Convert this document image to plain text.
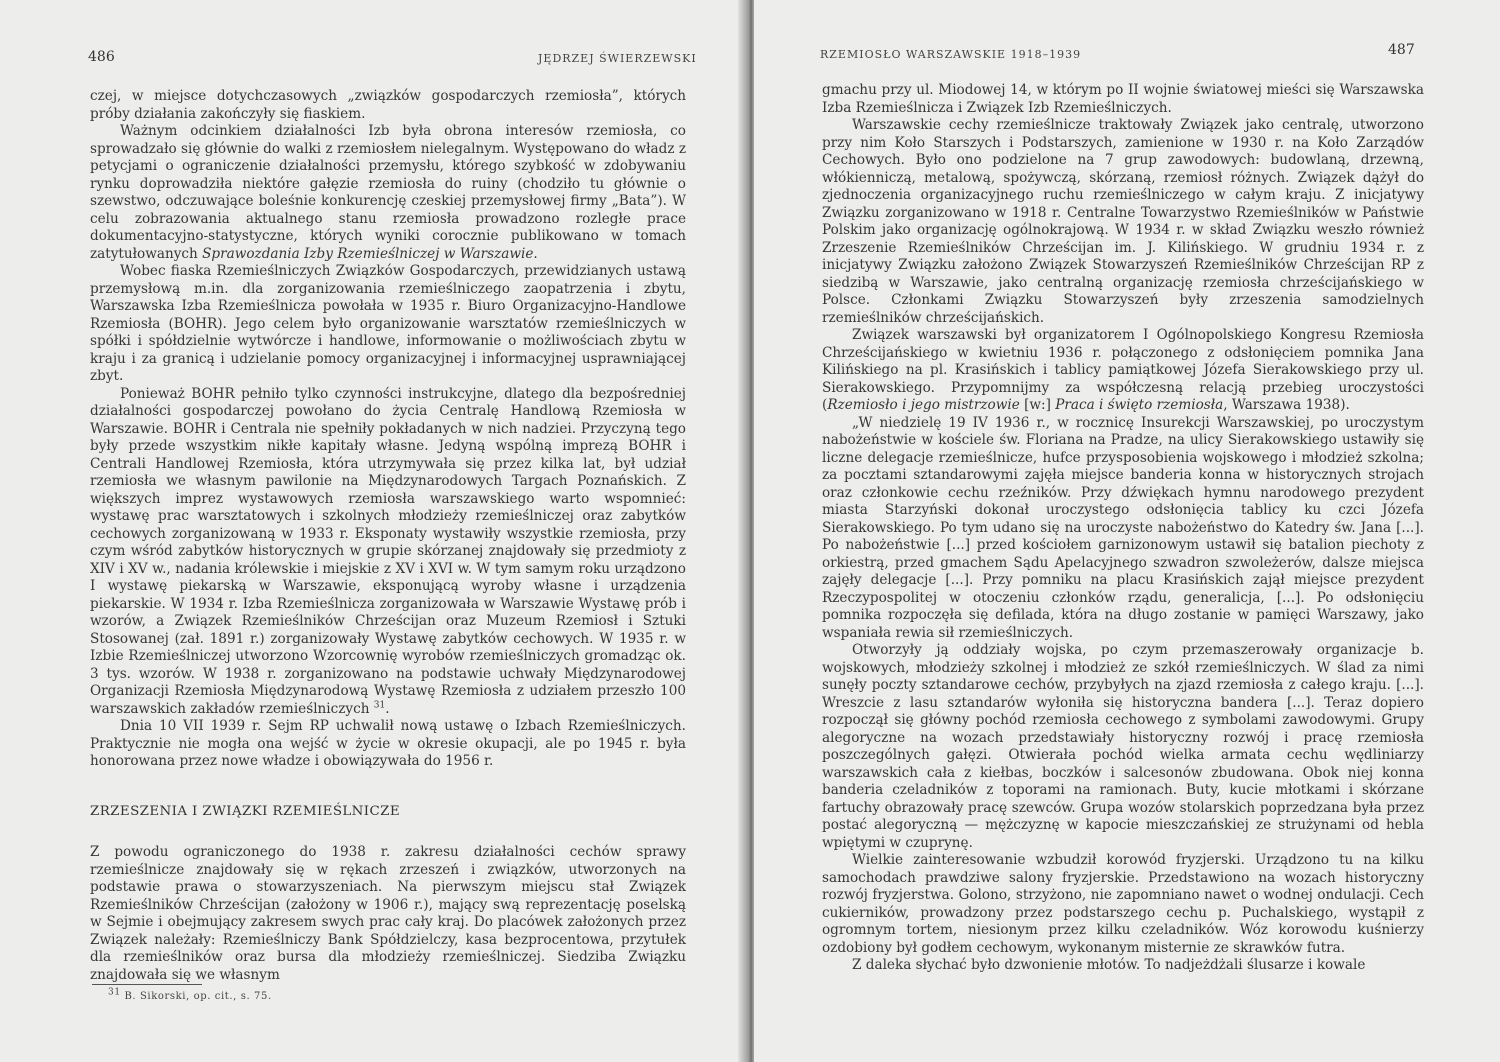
486	JĘDRZEJ ŚWIERZEWSKI

czej, w miejsce dotychczasowych „związków gospodarczych rzemiosła”, których próby działania zakończyły się fiaskiem.

Ważnym odcinkiem działalności Izb była obrona interesów rzemiosła, co sprowadzało się głównie do walki z rzemiosłem nielegalnym. Występowano do władz z petycjami o ograniczenie działalności przemysłu, którego szybkość w zdobywaniu rynku doprowadziła niektóre gałęzie rzemiosła do ruiny (chodziło tu głównie o szewstwo, odczuwające boleśnie konkurencję czeskiej przemysłowej firmy „Bata”). W celu zobrazowania aktualnego stanu rzemiosła prowadzono rozległe prace dokumentacyjno-statystyczne, których wyniki corocznie publikowano w tomach zatytułowanych Sprawozdania Izby Rzemieślniczej w Warszawie.

Wobec fiaska Rzemieślniczych Związków Gospodarczych, przewidzianych ustawą przemysłową m.in. dla zorganizowania rzemieślniczego zaopatrzenia i zbytu, Warszawska Izba Rzemieślnicza powołała w 1935 r. Biuro Organizacyjno-Handlowe Rzemiosła (BOHR). Jego celem było organizowanie warsztatów rzemieślniczych w spółki i spółdzielnie wytwórcze i handlowe, informowanie o możliwościach zbytu w kraju i za granicą i udzielanie pomocy organizacyjnej i informacyjnej usprawniającej zbyt.

Ponieważ BOHR pełniło tylko czynności instrukcyjne, dlatego dla bezpośredniej działalności gospodarczej powołano do życia Centralę Handlową Rzemiosła w Warszawie. BOHR i Centrala nie spełniły pokładanych w nich nadziei. Przyczyną tego były przede wszystkim nikłe kapitały własne. Jedyną wspólną imprezą BOHR i Centrali Handlowej Rzemiosła, która utrzymywała się przez kilka lat, był udział rzemiosła we własnym pawilonie na Międzynarodowych Targach Poznańskich. Z większych imprez wystawowych rzemiosła warszawskiego warto wspomnieć: wystawę prac warsztatowych i szkolnych młodzieży rzemieślniczej oraz zabytków cechowych zorganizowaną w 1933 r. Eksponaty wystawiły wszystkie rzemiosła, przy czym wśród zabytków historycznych w grupie skórzanej znajdowały się przedmioty z XIV i XV w., nadania królewskie i miejskie z XV i XVI w. W tym samym roku urządzono I wystawę piekarską w Warszawie, eksponującą wyroby własne i urządzenia piekarskie. W 1934 r. Izba Rzemieślnicza zorganizowała w Warszawie Wystawę prób i wzorów, a Związek Rzemieślników Chrześcijan oraz Muzeum Rzemiosł i Sztuki Stosowanej (zał. 1891 r.) zorganizowały Wystawę zabytków cechowych. W 1935 r. w Izbie Rzemieślniczej utworzono Wzorcownię wyrobów rzemieślniczych gromadząc ok. 3 tys. wzorów. W 1938 r. zorganizowano na podstawie uchwały Międzynarodowej Organizacji Rzemiosła Międzynarodową Wystawę Rzemiosła z udziałem przeszło 100 warszawskich zakładów rzemieślniczych $^{31}$.

Dnia 10 VII 1939 r. Sejm RP uchwalił nową ustawę o Izbach Rzemieślniczych. Praktycznie nie mogła ona wejść w życie w okresie okupacji, ale po 1945 r. była honorowana przez nowe władze i obowiązywała do 1956 r.

ZRZESZENIA I ZWIĄZKI RZEMIEŚLNICZE

Z powodu ograniczonego do 1938 r. zakresu działalności cechów sprawy rzemieślnicze znajdowały się w rękach zrzeszeń i związków, utworzonych na podstawie prawa o stowarzyszeniach. Na pierwszym miejscu stał Związek Rzemieślników Chrześcijan (założony w 1906 r.), mający swą reprezentację poselską w Sejmie i obejmujący zakresem swych prac cały kraj. Do placówek założonych przez Związek należały: Rzemieślniczy Bank Spółdzielczy, kasa bezprocentowa, przytułek dla rzemieślników oraz bursa dla młodzieży rzemieślniczej. Siedziba Związku znajdowała się we własnym

$^{31}$ B. Sikorski, op. cit., s. 75.
RZEMIOSŁO WARSZAWSKIE 1918–1939	487

gmachu przy ul. Miodowej 14, w którym po II wojnie światowej mieści się Warszawska Izba Rzemieślnicza i Związek Izb Rzemieślniczych.

Warszawskie cechy rzemieślnicze traktowały Związek jako centralę, utworzono przy nim Koło Starszych i Podstarszych, zamienione w 1930 r. na Koło Zarządów Cechowych. Było ono podzielone na 7 grup zawodowych: budowlaną, drzewną, włókienniczą, metalową, spożywczą, skórzaną, rzemiosł różnych. Związek dążył do zjednoczenia organizacyjnego ruchu rzemieślniczego w całym kraju. Z inicjatywy Związku zorganizowano w 1918 r. Centralne Towarzystwo Rzemieślników w Państwie Polskim jako organizację ogólnokrajową. W 1934 r. w skład Związku weszło również Zrzeszenie Rzemieślników Chrześcijan im. J. Kilińskiego. W grudniu 1934 r. z inicjatywy Związku założono Związek Stowarzyszeń Rzemieślników Chrześcijan RP z siedzibą w Warszawie, jako centralną organizację rzemiosła chrześcijańskiego w Polsce. Członkami Związku Stowarzyszeń były zrzeszenia samodzielnych rzemieślników chrześcijańskich.

Związek warszawski był organizatorem I Ogólnopolskiego Kongresu Rzemiosła Chrześcijańskiego w kwietniu 1936 r. połączonego z odsłonięciem pomnika Jana Kilińskiego na pl. Krasińskich i tablicy pamiątkowej Józefa Sierakowskiego przy ul. Sierakowskiego. Przypomnijmy za współczesną relacją przebieg uroczystości (Rzemiosło i jego mistrzowie [w:] Praca i święto rzemiosła, Warszawa 1938).

„W niedzielę 19 IV 1936 r., w rocznicę Insurekcji Warszawskiej, po uroczystym nabożeństwie w kościele św. Floriana na Pradze, na ulicy Sierakowskiego ustawiły się liczne delegacje rzemieślnicze, hufce przysposobienia wojskowego i młodzież szkolna; za pocztami sztandarowymi zajęła miejsce banderia konna w historycznych strojach oraz członkowie cechu rzeźników. Przy dźwiękach hymnu narodowego prezydent miasta Starzyński dokonał uroczystego odsłonięcia tablicy ku czci Józefa Sierakowskiego. Po tym udano się na uroczyste nabożeństwo do Katedry św. Jana [...]. Po nabożeństwie [...] przed kościołem garnizonowym ustawił się batalion piechoty z orkiestrą, przed gmachem Sądu Apelacyjnego szwadron szwoleżerów, dalsze miejsca zajęły delegacje [...]. Przy pomniku na placu Krasińskich zajął miejsce prezydent Rzeczypospolitej w otoczeniu członków rządu, generalicja, [...]. Po odsłonięciu pomnika rozpoczęła się defilada, która na długo zostanie w pamięci Warszawy, jako wspaniała rewia sił rzemieślniczych.

Otworzyły ją oddziały wojska, po czym przemaszerowały organizacje b. wojskowych, młodzieży szkolnej i młodzież ze szkół rzemieślniczych. W ślad za nimi sunęły poczty sztandarowe cechów, przybyłych na zjazd rzemiosła z całego kraju. [...]. Wreszcie z lasu sztandarów wyłoniła się historyczna bandera [...]. Teraz dopiero rozpoczął się główny pochód rzemiosła cechowego z symbolami zawodowymi. Grupy alegoryczne na wozach przedstawiały historyczny rozwój i pracę rzemiosła poszczególnych gałęzi. Otwierała pochód wielka armata cechu wędliniarzy warszawskich cała z kiełbas, boczków i salcesonów zbudowana. Obok niej konna banderia czeladników z toporami na ramionach. Buty, kucie młotkami i skórzane fartuchy obrazowały pracę szewców. Grupa wozów stolarskich poprzedzana była przez postać alegoryczną — mężczyznę w kapocie mieszczańskiej ze strużynami od hebla wpiętymi w czuprynę.

Wielkie zainteresowanie wzbudził korowód fryzjerski. Urządzono tu na kilku samochodach prawdziwe salony fryzjerskie. Przedstawiono na wozach historyczny rozwój fryzjerstwa. Golono, strzyżono, nie zapomniano nawet o wodnej ondulacji. Cech cukierników, prowadzony przez podstarszego cechu p. Puchalskiego, wystąpił z ogromnym tortem, niesionym przez kilku czeladników. Wóz korowodu kuśnierzy ozdobiony był godłem cechowym, wykonanym misternie ze skrawków futra.

Z daleka słychać było dzwonienie młotów. To nadjeżdżali ślusarze i kowale
